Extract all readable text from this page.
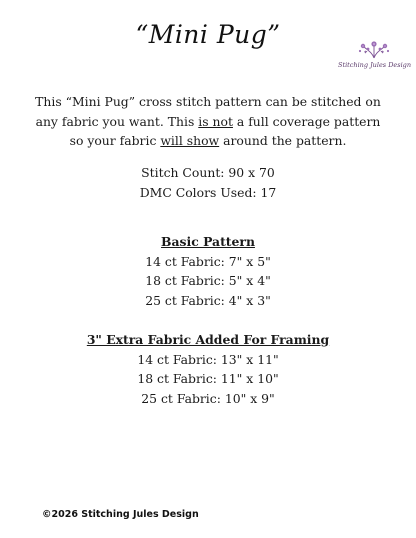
“Mini Pug”
Stitching Jules Design
This “Mini Pug” cross stitch pattern can be stitched on any fabric you want. This is not a full coverage pattern so your fabric will show around the pattern.
Stitch Count: 90 x 70
DMC Colors Used: 17
Basic Pattern
14 ct Fabric: 7" x 5"
18 ct Fabric: 5" x 4"
25 ct Fabric: 4" x 3"
3" Extra Fabric Added For Framing
14 ct Fabric: 13" x 11"
18 ct Fabric: 11" x 10"
25 ct Fabric: 10" x 9"
©2026 Stitching Jules Design
